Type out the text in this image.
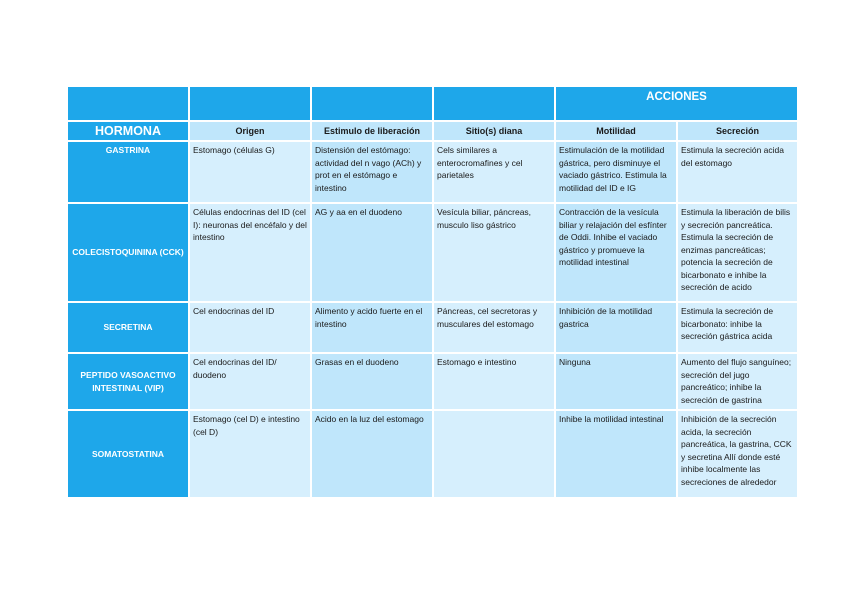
				ACCIONES	
HORMONA	Origen	Estimulo de liberación	Sitio(s) diana	Motilidad	Secreción
GASTRINA	Estomago (células G)	Distensión del estómago: actividad del n vago (ACh) y prot en el estómago e intestino	Cels similares a enterocromafines y cel parietales	Estimulación de la motilidad gástrica, pero disminuye el vaciado gástrico. Estimula la motilidad del ID e IG	Estimula la secreción acida del estomago
COLECISTOQUININA (CCK)	Células endocrinas del ID (cel I): neuronas del encéfalo y del intestino	AG y aa en el duodeno	Vesícula biliar, páncreas, musculo liso gástrico	Contracción de la vesícula biliar y relajación del esfínter de Oddi. Inhibe el vaciado gástrico y promueve la motilidad intestinal	Estimula la liberación de bilis y secreción pancreática. Estimula la secreción de enzimas pancreáticas; potencia la secreción de bicarbonato e inhibe la secreción de acido
SECRETINA	Cel endocrinas del ID	Alimento y acido fuerte en el intestino	Páncreas, cel secretoras y musculares del estomago	Inhibición de la motilidad gastrica	Estimula la secreción de bicarbonato: inhibe la secreción gástrica acida
PEPTIDO VASOACTIVO INTESTINAL (VIP)	Cel endocrinas del ID/ duodeno	Grasas en el duodeno	Estomago e intestino	Ninguna	Aumento del flujo sanguíneo; secreción del jugo pancreático; inhibe la secreción de gastrina
SOMATOSTATINA	Estomago (cel D) e intestino (cel D)	Acido en la luz del estomago		Inhibe la motilidad intestinal	Inhibición de la secreción acida, la secreción pancreática, la gastrina, CCK y secretina Allí donde esté inhibe localmente las secreciones de alrededor
